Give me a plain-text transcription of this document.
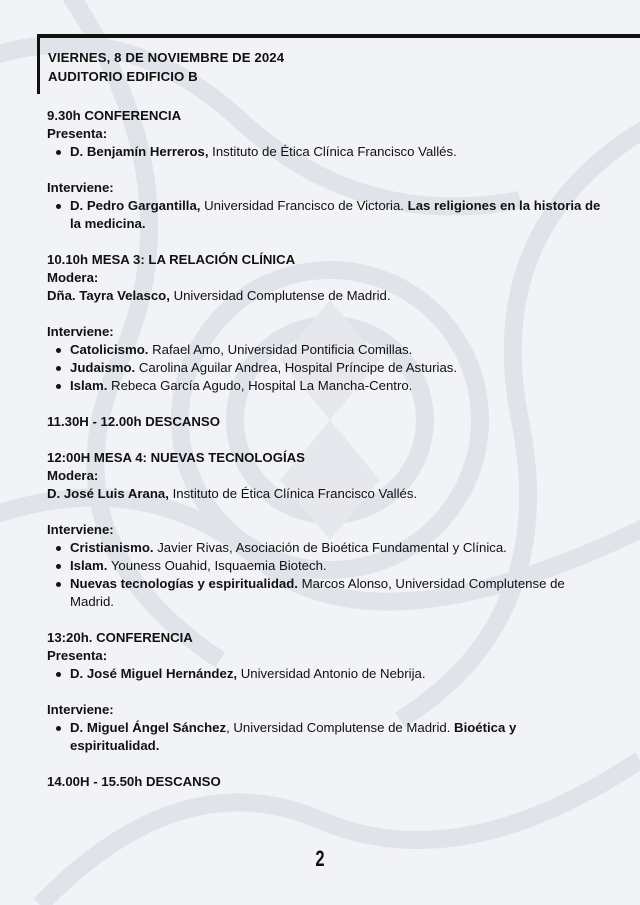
VIERNES, 8 DE NOVIEMBRE DE 2024
AUDITORIO EDIFICIO B
9.30h CONFERENCIA
Presenta:
D. Benjamín Herreros, Instituto de Ética Clínica Francisco Vallés.
Interviene:
D. Pedro Gargantilla, Universidad Francisco de Victoria. Las religiones en la historia de la medicina.
10.10h MESA 3: LA RELACIÓN CLÍNICA
Modera:
Dña. Tayra Velasco, Universidad Complutense de Madrid.
Interviene:
Catolicismo. Rafael Amo, Universidad Pontificia Comillas.
Judaismo. Carolina Aguilar Andrea, Hospital Príncipe de Asturias.
Islam. Rebeca García Agudo, Hospital La Mancha-Centro.
11.30H - 12.00h DESCANSO
12:00H MESA 4: NUEVAS TECNOLOGÍAS
Modera:
D. José Luis Arana, Instituto de Ética Clínica Francisco Vallés.
Interviene:
Cristianismo. Javier Rivas, Asociación de Bioética Fundamental y Clínica.
Islam. Youness Ouahid, Isquaemia Biotech.
Nuevas tecnologías y espiritualidad. Marcos Alonso, Universidad Complutense de Madrid.
13:20h. CONFERENCIA
Presenta:
D. José Miguel Hernández, Universidad Antonio de Nebrija.
Interviene:
D. Miguel Ángel Sánchez, Universidad Complutense de Madrid. Bioética y espiritualidad.
14.00H - 15.50h DESCANSO
2
